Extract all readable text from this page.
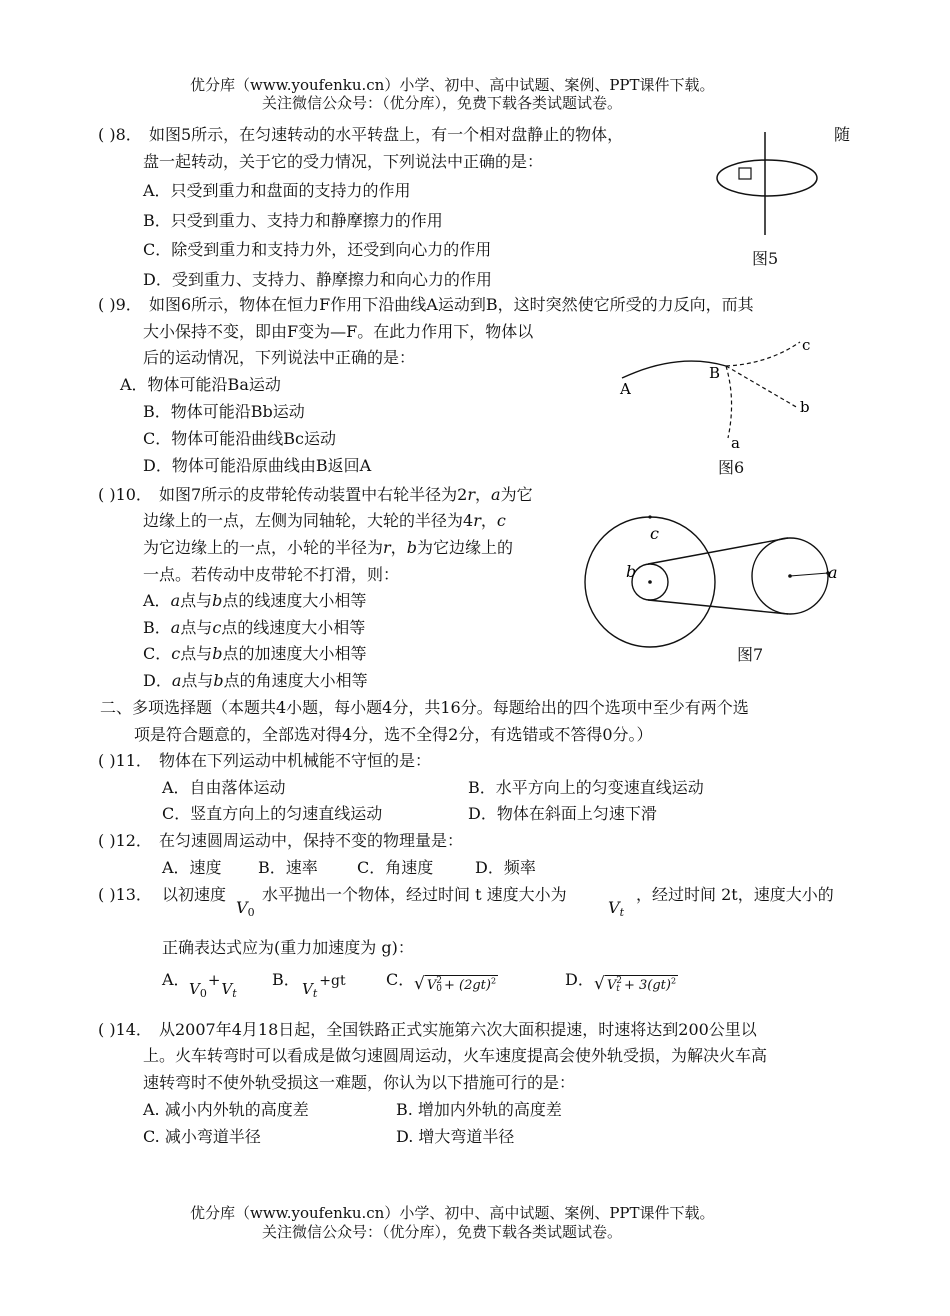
优分库（www.youfenku.cn）小学、初中、高中试题、案例、PPT课件下载。
关注微信公众号：（优分库），免费下载各类试题试卷。
( )8． 如图5所示，在匀速转动的水平转盘上，有一个相对盘静止的物体，	随
盘一起转动，关于它的受力情况，下列说法中正确的是：
A．只受到重力和盘面的支持力的作用
B．只受到重力、支持力和静摩擦力的作用
C．除受到重力和支持力外，还受到向心力的作用
D．受到重力、支持力、静摩擦力和向心力的作用
图5
( )9． 如图6所示，物体在恒力F作用下沿曲线A运动到B，这时突然使它所受的力反向，而其
大小保持不变，即由F变为—F。在此力作用下，物体以
后的运动情况，下列说法中正确的是：
A．物体可能沿Ba运动
B．物体可能沿Bb运动
C．物体可能沿曲线Bc运动
D．物体可能沿原曲线由B返回A
A
B
c
b
a
图6
( )10． 如图7所示的皮带轮传动装置中右轮半径为2r，a为它
边缘上的一点，左侧为同轴轮，大轮的半径为4r，c
为它边缘上的一点，小轮的半径为r，b为它边缘上的
一点。若传动中皮带轮不打滑，则：
A．a点与b点的线速度大小相等
B．a点与c点的线速度大小相等
C．c点与b点的加速度大小相等
D．a点与b点的角速度大小相等
c
b	a
图7
二、多项选择题（本题共4小题，每小题4分，共16分。每题给出的四个选项中至少有两个选
项是符合题意的，全部选对得4分，选不全得2分，有选错或不答得0分。）
( )11． 物体在下列运动中机械能不守恒的是：
A．自由落体运动	B．水平方向上的匀变速直线运动
C．竖直方向上的匀速直线运动	D．物体在斜面上匀速下滑
( )12． 在匀速圆周运动中，保持不变的物理量是：
A．速度 B．速率 C．角速度	D．频率
( )13． 以初速度
V0
水平抛出一个物体，经过时间 t 速度大小为
Vt
，经过时间 2t，速度大小的
正确表达式应为(重力加速度为 g)：
A． $V_0+V_t$
B． $V_t+gt$	C． √ V 2
$0 + (2gt)^2$	D． √ V 2
t + 3(gt)$^2$
( )14． 从2007年4月18日起，全国铁路正式实施第六次大面积提速，时速将达到200公里以
上。火车转弯时可以看成是做匀速圆周运动，火车速度提高会使外轨受损，为解决火车高
速转弯时不使外轨受损这一难题，你认为以下措施可行的是：
A. 减小内外轨的高度差	B. 增加内外轨的高度差
C. 减小弯道半径	D. 增大弯道半径
优分库（www.youfenku.cn）小学、初中、高中试题、案例、PPT课件下载。
关注微信公众号：（优分库），免费下载各类试题试卷。
